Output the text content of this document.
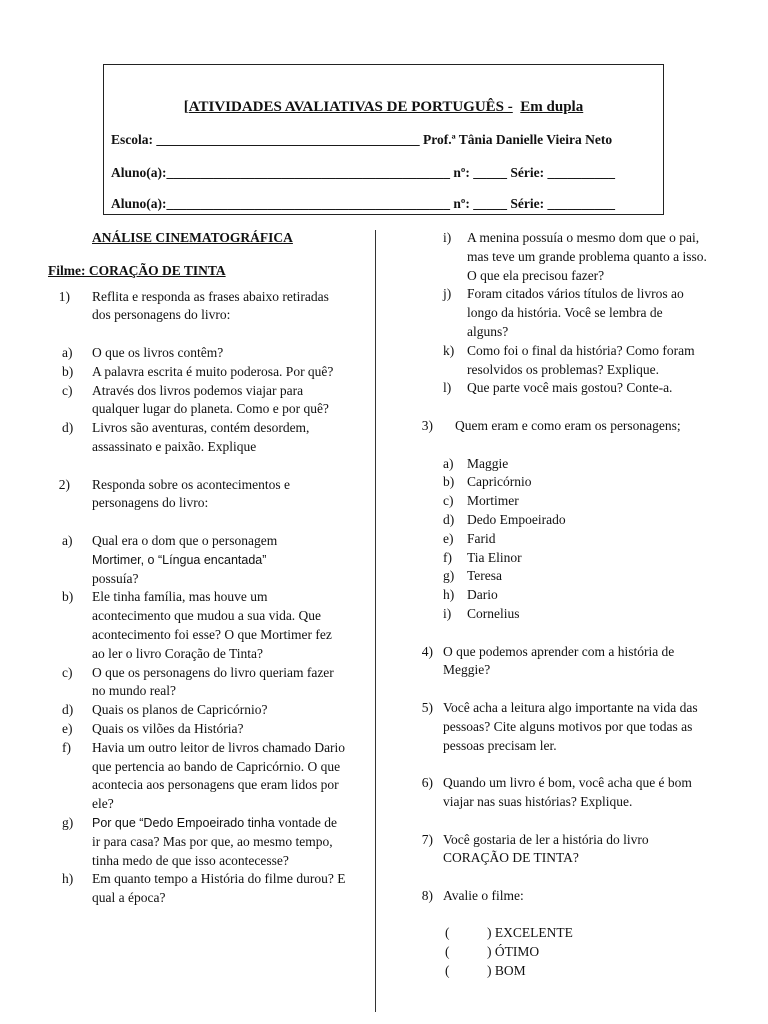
[ATIVIDADES AVALIATIVAS DE PORTUGUÊS - Em dupla
Escola: _______________________________________ Prof.ª Tânia Danielle Vieira Neto
Aluno(a):__________________________________________ nº: _____ Série: __________
Aluno(a):__________________________________________ nº: _____ Série: __________
ANÁLISE CINEMATOGRÁFICA
Filme: CORAÇÃO DE TINTA
1)	Reflita e responda as frases abaixo retiradas dos personagens do livro:
a)	O que os livros contêm?
b)	A palavra escrita é muito poderosa. Por quê?
c)	Através dos livros podemos viajar para qualquer lugar do planeta. Como e por quê?
d)	Livros são aventuras, contém desordem, assassinato e paixão. Explique
2)	Responda sobre os acontecimentos e personagens do livro:
a)	Qual era o dom que o personagem
Mortimer, o “Língua encantada”
possuía?
b)	Ele tinha família, mas houve um acontecimento que mudou a sua vida. Que acontecimento foi esse? O que Mortimer fez ao ler o livro Coração de Tinta?
c)	O que os personagens do livro queriam fazer no mundo real?
d)	Quais os planos de Capricórnio?
e)	Quais os vilões da História?
f)	Havia um outro leitor de livros chamado Dario que pertencia ao bando de Capricórnio. O que acontecia aos personagens que eram lidos por ele?
g)	Por que “Dedo Empoeirado tinha vontade de ir para casa? Mas por que, ao mesmo tempo, tinha medo de que isso acontecesse?
h)	Em quanto tempo a História do filme durou? E qual a época?
i)	A menina possuía o mesmo dom que o pai, mas teve um grande problema quanto a isso. O que ela precisou fazer?
j)	Foram citados vários títulos de livros ao longo da história. Você se lembra de alguns?
k) Como foi o final da história? Como foram resolvidos os problemas? Explique.
l)	Que parte você mais gostou? Conte-a.
3)	Quem eram e como eram os personagens;
a)	Maggie
b) Capricórnio
c)	Mortimer
d) Dedo Empoeirado
e)	Farid
f)	Tia Elinor
g) Teresa
h) Dario
i)	Cornelius
4) O que podemos aprender com a história de Meggie?
5) Você acha a leitura algo importante na vida das pessoas? Cite alguns motivos por que todas as pessoas precisam ler.
6) Quando um livro é bom, você acha que é bom viajar nas suas histórias? Explique.
7) Você gostaria de ler a história do livro CORAÇÃO DE TINTA?
8) Avalie o filme:
(	) EXCELENTE
(	) ÓTIMO
(	) BOM
